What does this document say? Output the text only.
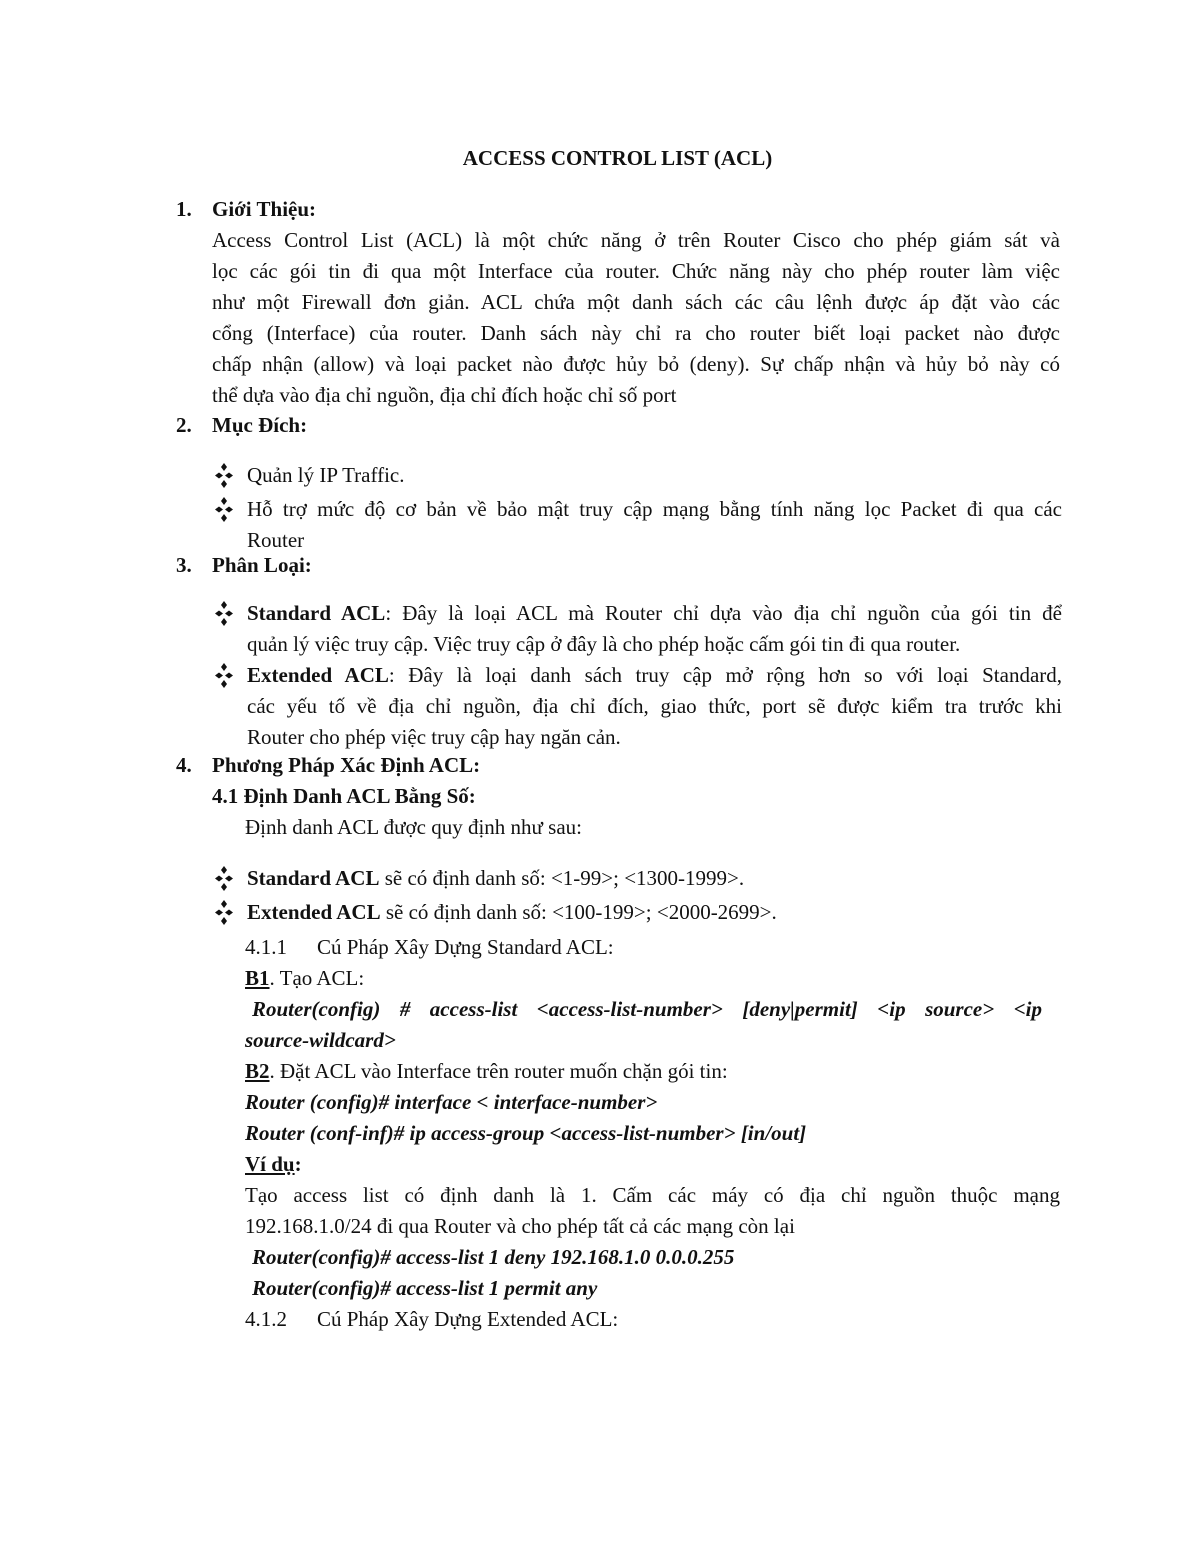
ACCESS CONTROL LIST (ACL)
1. Giới Thiệu:
Access Control List (ACL) là một chức năng ở trên Router Cisco cho phép giám sát và
lọc các gói tin đi qua một Interface của router. Chức năng này cho phép router làm việc
như một Firewall đơn giản. ACL chứa một danh sách các câu lệnh được áp đặt vào các
cổng (Interface) của router. Danh sách này chỉ ra cho router biết loại packet nào được
chấp nhận (allow) và loại packet nào được hủy bỏ (deny). Sự chấp nhận và hủy bỏ này có
thể dựa vào địa chỉ nguồn, địa chỉ đích hoặc chỉ số port
2. Mục Đích:
Quản lý IP Traffic.
Hỗ trợ mức độ cơ bản về bảo mật truy cập mạng bằng tính năng lọc Packet đi qua các
Router
3. Phân Loại:
Standard ACL: Đây là loại ACL mà Router chỉ dựa vào địa chỉ nguồn của gói tin để
quản lý việc truy cập. Việc truy cập ở đây là cho phép hoặc cấm gói tin đi qua router.
Extended ACL: Đây là loại danh sách truy cập mở rộng hơn so với loại Standard,
các yếu tố về địa chỉ nguồn, địa chỉ đích, giao thức, port sẽ được kiểm tra trước khi
Router cho phép việc truy cập hay ngăn cản.
4. Phương Pháp Xác Định ACL:
4.1 Định Danh ACL Bằng Số:
Định danh ACL được quy định như sau:
Standard ACL sẽ có định danh số: <1-99>; <1300-1999>.
Extended ACL sẽ có định danh số: <100-199>; <2000-2699>.
4.1.1 Cú Pháp Xây Dựng Standard ACL:
B1. Tạo ACL:
Router(config) # access-list <access-list-number> [deny|permit] <ip source> <ip
source-wildcard>
B2. Đặt ACL vào Interface trên router muốn chặn gói tin:
Router (config)# interface < interface-number>
Router (conf-inf)# ip access-group <access-list-number> [in/out]
Ví dụ:
Tạo access list có định danh là 1. Cấm các máy có địa chỉ nguồn thuộc mạng
192.168.1.0/24 đi qua Router và cho phép tất cả các mạng còn lại
Router(config)# access-list 1 deny 192.168.1.0 0.0.0.255
Router(config)# access-list 1 permit any
4.1.2 Cú Pháp Xây Dựng Extended ACL:
